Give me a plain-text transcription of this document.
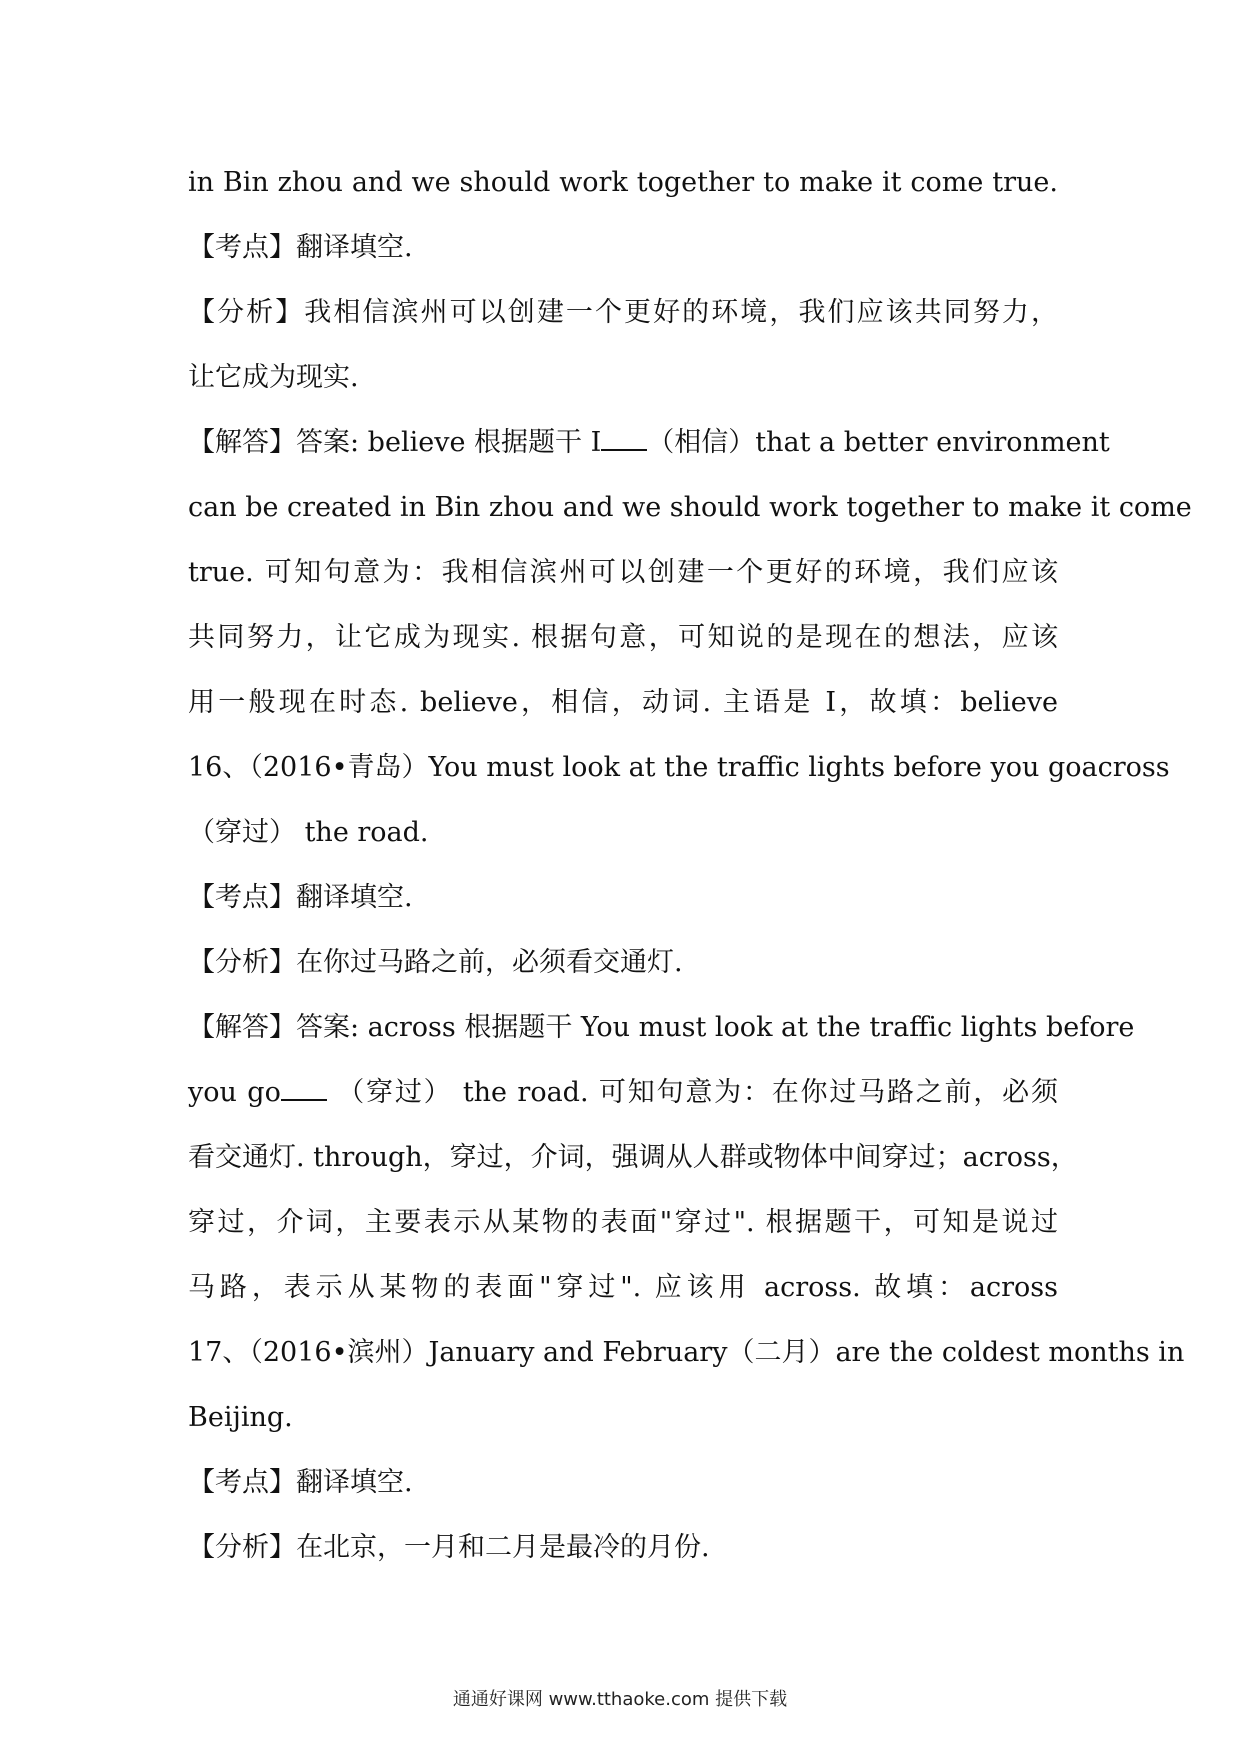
in Bin zhou and we should work together to make it come true.
【考点】翻译填空.
【分析】我相信滨州可以创建一个更好的环境，我们应该共同努力，
让它成为现实.
【解答】答案: believe 根据题干 I （相信）that a better environment
can be created in Bin zhou and we should work together to make it come
true. 可知句意为：我相信滨州可以创建一个更好的环境，我们应该
共同努力，让它成为现实. 根据句意，可知说的是现在的想法，应该
用一般现在时态. believe，相信，动词. 主语是 I，故填：believe
16、（2016•青岛）You must look at the traffic lights before you goacross
（穿过） the road.
【考点】翻译填空.
【分析】在你过马路之前，必须看交通灯.
【解答】答案: across 根据题干 You must look at the traffic lights before
you go （穿过） the road. 可知句意为：在你过马路之前，必须
看交通灯. through，穿过，介词，强调从人群或物体中间穿过；across，
穿过，介词，主要表示从某物的表面"穿过". 根据题干，可知是说过
马路，表示从某物的表面"穿过". 应该用 across. 故填：across
17、（2016•滨州）January and February（二月）are the coldest months in
Beijing.
【考点】翻译填空.
【分析】在北京，一月和二月是最冷的月份.
通通好课网 www.tthaoke.com 提供下载
